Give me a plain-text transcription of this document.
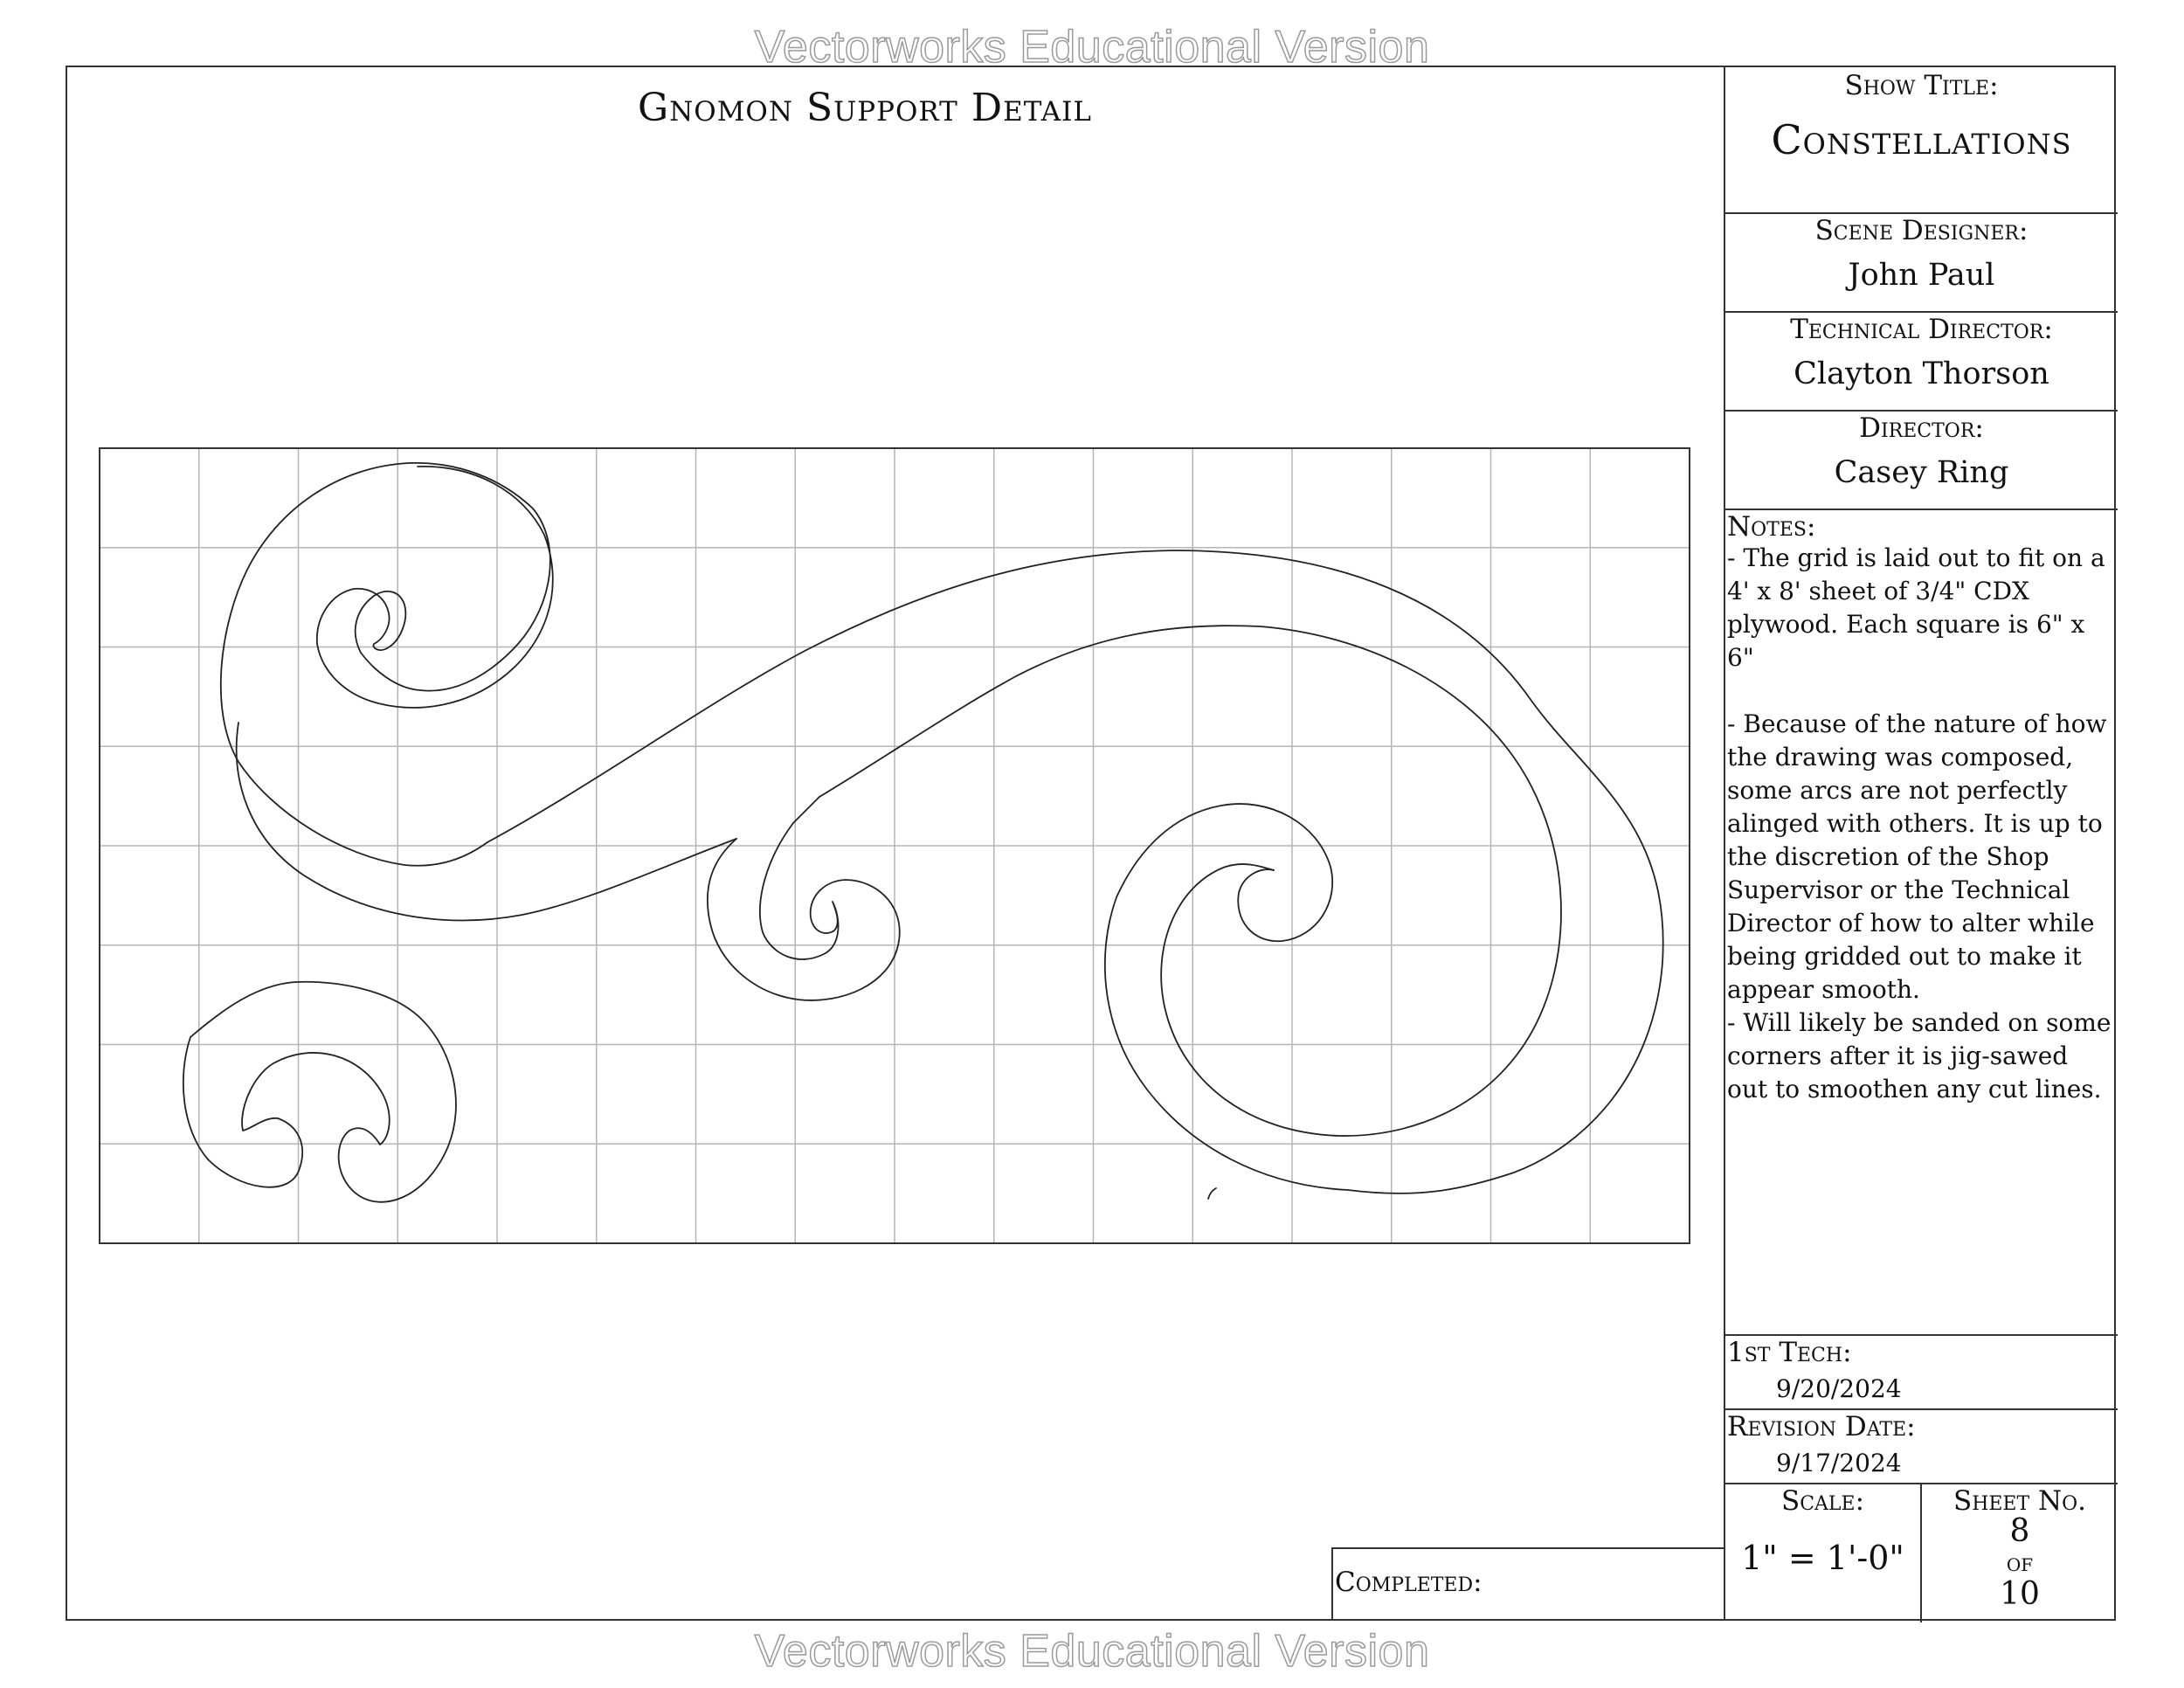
Vectorworks Educational Version
Vectorworks Educational Version
Gnomon Support Detail	Show Title:
Constellations
Scene Designer:
John Paul
Technical Director:
Clayton Thorson
Director:
Casey Ring
Notes:
- The grid is laid out to fit on a 4' x 8' sheet of 3/4" CDX plywood. Each square is 6" x 6"

- Because of the nature of how the drawing was composed, some arcs are not perfectly alinged with others. It is up to the discretion of the Shop Supervisor or the Technical Director of how to alter while being gridded out to make it appear smooth.
- Will likely be sanded on some corners after it is jig-sawed out to smoothen any cut lines.
1st Tech:
9/20/2024
Revision Date:
9/17/2024
Scale:
1" = 1'-0"
Sheet No.
8
of
10
Completed:
